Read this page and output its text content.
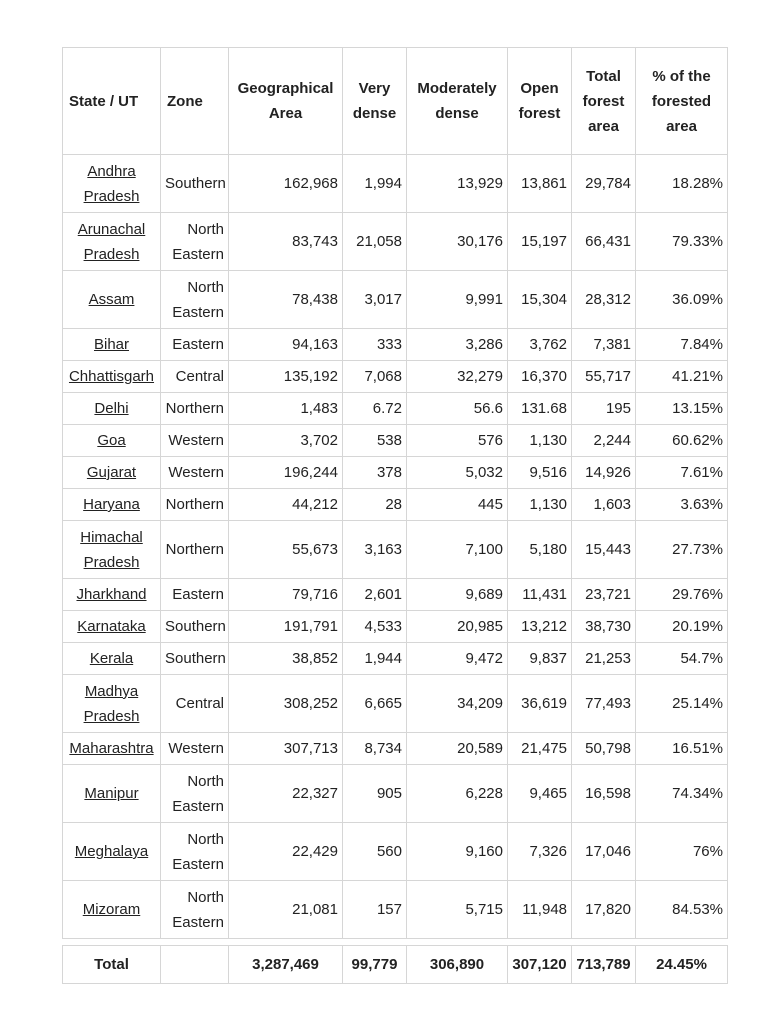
State / UT	Zone	Geographical Area	Very dense	Moderately dense	Open forest	Total forest area	% of the forested area
Andhra Pradesh	Southern	162,968	1,994	13,929	13,861	29,784	18.28%
Arunachal Pradesh	North Eastern	83,743	21,058	30,176	15,197	66,431	79.33%
Assam	North Eastern	78,438	3,017	9,991	15,304	28,312	36.09%
Bihar	Eastern	94,163	333	3,286	3,762	7,381	7.84%
Chhattisgarh	Central	135,192	7,068	32,279	16,370	55,717	41.21%
Delhi	Northern	1,483	6.72	56.6	131.68	195	13.15%
Goa	Western	3,702	538	576	1,130	2,244	60.62%
Gujarat	Western	196,244	378	5,032	9,516	14,926	7.61%
Haryana	Northern	44,212	28	445	1,130	1,603	3.63%
Himachal Pradesh	Northern	55,673	3,163	7,100	5,180	15,443	27.73%
Jharkhand	Eastern	79,716	2,601	9,689	11,431	23,721	29.76%
Karnataka	Southern	191,791	4,533	20,985	13,212	38,730	20.19%
Kerala	Southern	38,852	1,944	9,472	9,837	21,253	54.7%
Madhya Pradesh	Central	308,252	6,665	34,209	36,619	77,493	25.14%
Maharashtra	Western	307,713	8,734	20,589	21,475	50,798	16.51%
Manipur	North Eastern	22,327	905	6,228	9,465	16,598	74.34%
Meghalaya	North Eastern	22,429	560	9,160	7,326	17,046	76%
Mizoram	North Eastern	21,081	157	5,715	11,948	17,820	84.53%

Total		3,287,469	99,779	306,890	307,120	713,789	24.45%
